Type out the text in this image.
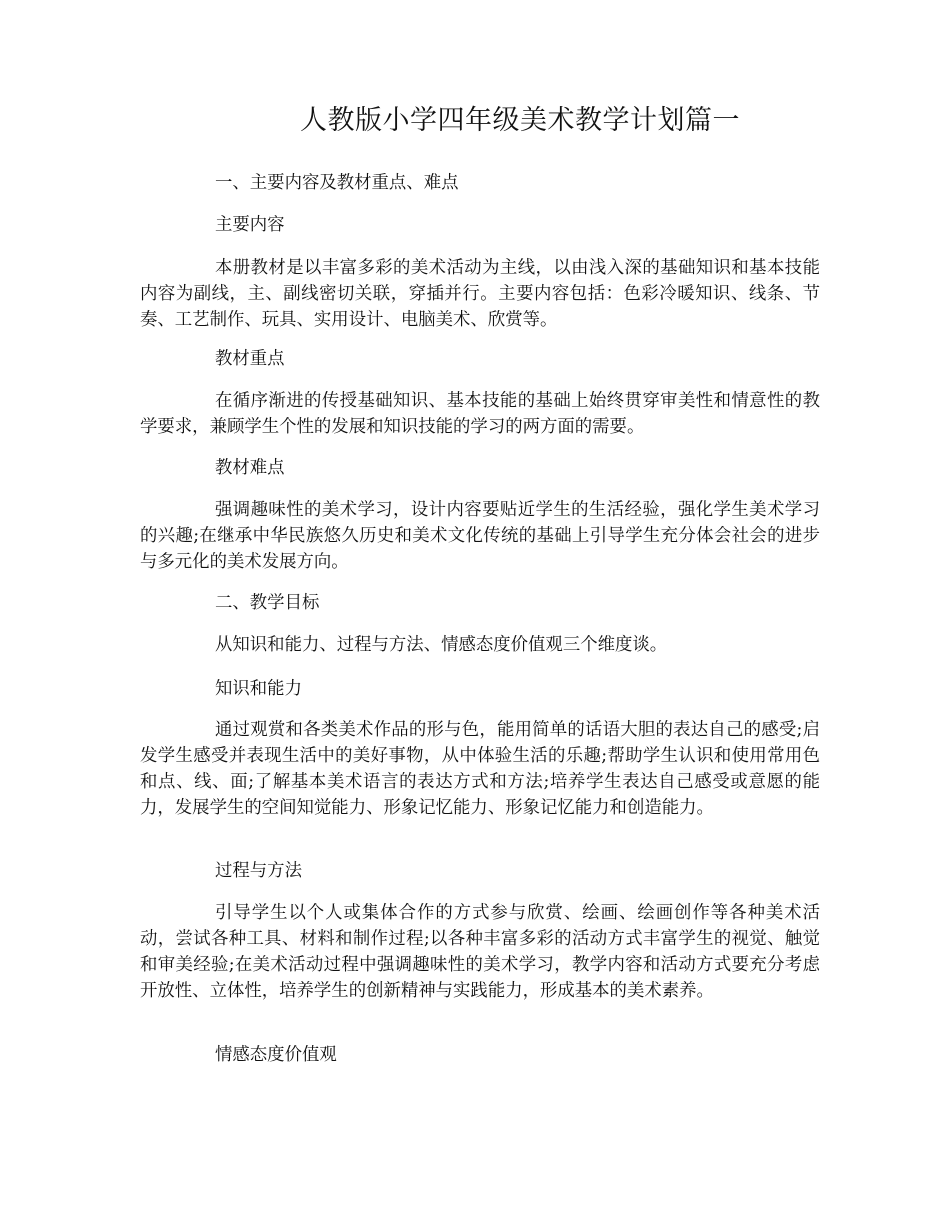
人教版小学四年级美术教学计划篇一

一、主要内容及教材重点、难点

主要内容

本册教材是以丰富多彩的美术活动为主线，以由浅入深的基础知识和基本技能内容为副线，主、副线密切关联，穿插并行。主要内容包括：色彩冷暖知识、线条、节奏、工艺制作、玩具、实用设计、电脑美术、欣赏等。

教材重点

在循序渐进的传授基础知识、基本技能的基础上始终贯穿审美性和情意性的教学要求，兼顾学生个性的发展和知识技能的学习的两方面的需要。

教材难点

强调趣味性的美术学习，设计内容要贴近学生的生活经验，强化学生美术学习的兴趣;在继承中华民族悠久历史和美术文化传统的基础上引导学生充分体会社会的进步与多元化的美术发展方向。

二、教学目标

从知识和能力、过程与方法、情感态度价值观三个维度谈。

知识和能力

通过观赏和各类美术作品的形与色，能用简单的话语大胆的表达自己的感受;启发学生感受并表现生活中的美好事物，从中体验生活的乐趣;帮助学生认识和使用常用色和点、线、面;了解基本美术语言的表达方式和方法;培养学生表达自己感受或意愿的能力，发展学生的空间知觉能力、形象记忆能力、形象记忆能力和创造能力。

过程与方法

引导学生以个人或集体合作的方式参与欣赏、绘画、绘画创作等各种美术活动，尝试各种工具、材料和制作过程;以各种丰富多彩的活动方式丰富学生的视觉、触觉和审美经验;在美术活动过程中强调趣味性的美术学习，教学内容和活动方式要充分考虑开放性、立体性，培养学生的创新精神与实践能力，形成基本的美术素养。

情感态度价值观
